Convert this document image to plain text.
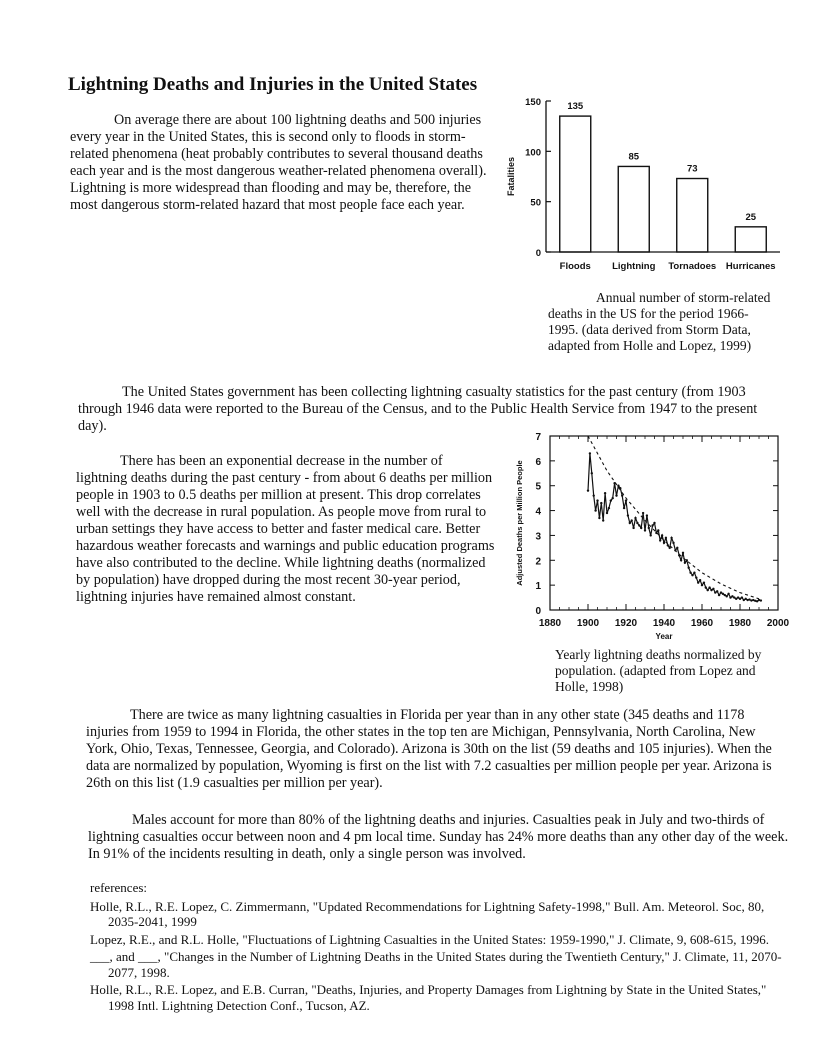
Lightning Deaths and Injuries in the United States
On average there are about 100 lightning deaths and 500 injuries every year in the United States, this is second only to floods in storm-related phenomena (heat probably contributes to several thousand deaths each year and is the most dangerous weather-related phenomena overall). Lightning is more widespread than flooding and may be, therefore, the most dangerous storm-related hazard that most people face each year.
0
50
100
150	135
Floods
85
Lightning
73
Tornadoes
25
Hurricanes
Fatalities
Annual number of storm-related deaths in the US for the period 1966-1995. (data derived from Storm Data, adapted from Holle and Lopez, 1999)
The United States government has been collecting lightning casualty statistics for the past century (from 1903 through 1946 data were reported to the Bureau of the Census, and to the Public Health Service from 1947 to the present day).
There has been an exponential decrease in the number of lightning deaths during the past century - from about 6 deaths per million people in 1903 to 0.5 deaths per million at present. This drop correlates well with the decrease in rural population. As people move from rural to urban settings they have access to better and faster medical care. Better hazardous weather forecasts and warnings and public education programs have also contributed to the decline. While lightning deaths (normalized by population) have dropped during the most recent 30-year period, lightning injuries have remained almost constant.
1880 1900 1920 1940 1960 1980 2000
0
1
2
3
4
5
6
7
Year
Adjusted Deaths per Million People
Yearly lightning deaths normalized by population. (adapted from Lopez and Holle, 1998)
There are twice as many lightning casualties in Florida per year than in any other state (345 deaths and 1178 injuries from 1959 to 1994 in Florida, the other states in the top ten are Michigan, Pennsylvania, North Carolina, New York, Ohio, Texas, Tennessee, Georgia, and Colorado). Arizona is 30th on the list (59 deaths and 105 injuries). When the data are normalized by population, Wyoming is first on the list with 7.2 casualties per million people per year. Arizona is 26th on this list (1.9 casualties per million per year).
Males account for more than 80% of the lightning deaths and injuries. Casualties peak in July and two-thirds of lightning casualties occur between noon and 4 pm local time. Sunday has 24% more deaths than any other day of the week. In 91% of the incidents resulting in death, only a single person was involved.
references:
Holle, R.L., R.E. Lopez, C. Zimmermann, "Updated Recommendations for Lightning Safety-1998," Bull. Am. Meteorol. Soc, 80, 2035-2041, 1999
Lopez, R.E., and R.L. Holle, "Fluctuations of Lightning Casualties in the United States: 1959-1990," J. Climate, 9, 608-615, 1996.
___, and ___, "Changes in the Number of Lightning Deaths in the United States during the Twentieth Century," J. Climate, 11, 2070-2077, 1998.
Holle, R.L., R.E. Lopez, and E.B. Curran, "Deaths, Injuries, and Property Damages from Lightning by State in the United States," 1998 Intl. Lightning Detection Conf., Tucson, AZ.
